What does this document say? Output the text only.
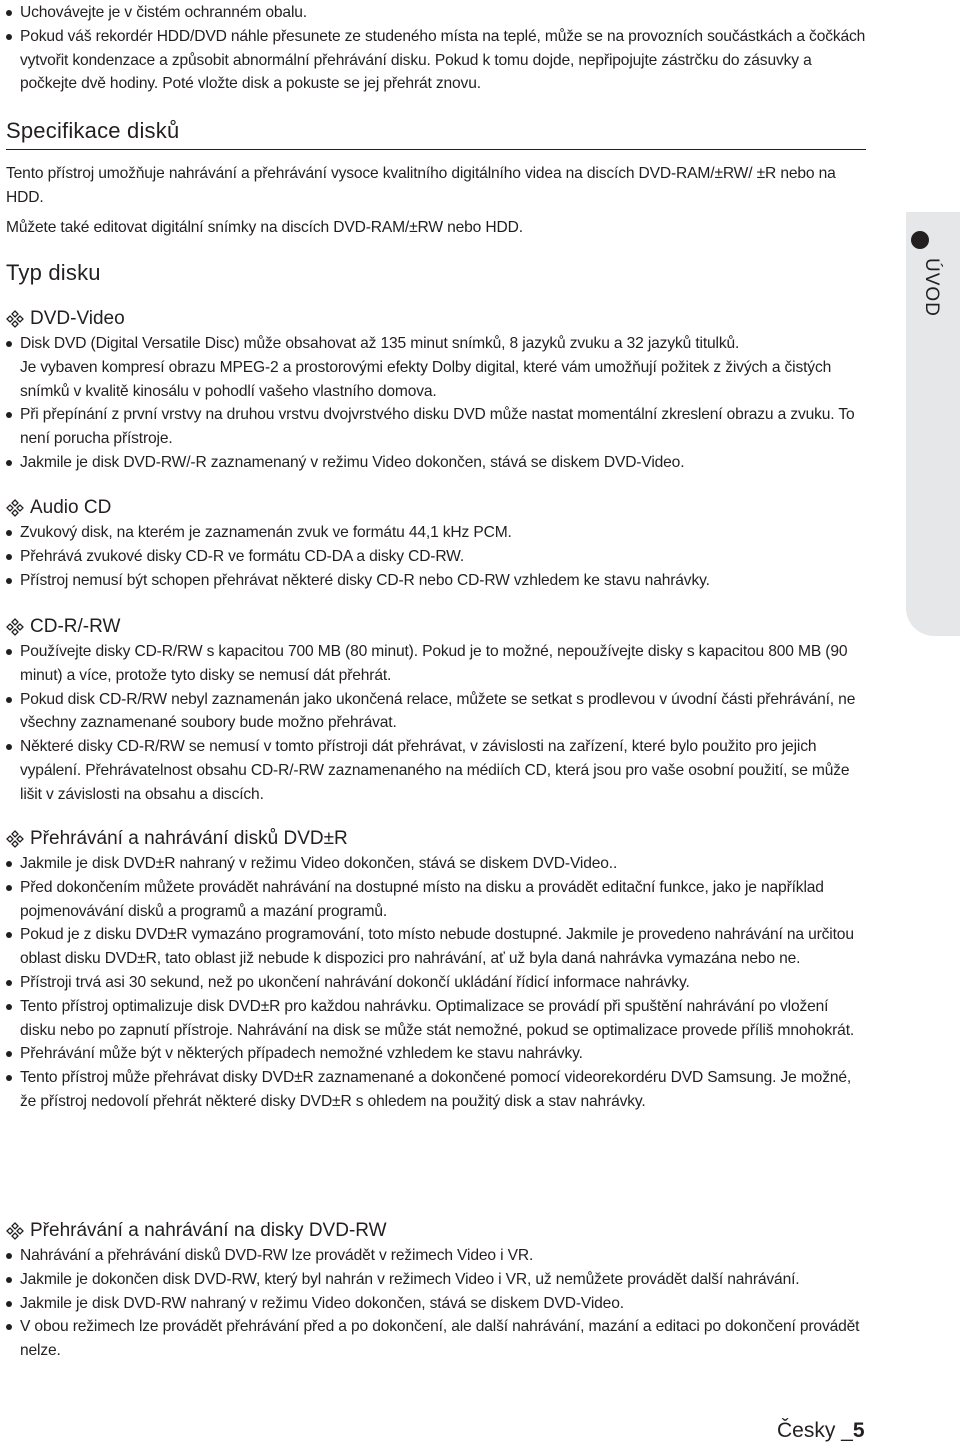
ÚVOD
Uchovávejte je v čistém ochranném obalu.
Pokud váš rekordér HDD/DVD náhle přesunete ze studeného místa na teplé, může se na provozních součástkách a čočkách vytvořit kondenzace a způsobit abnormální přehrávání disku. Pokud k tomu dojde, nepřipojujte zástrčku do zásuvky a počkejte dvě hodiny. Poté vložte disk a pokuste se jej přehrát znovu.
Specifikace disků

Tento přístroj umožňuje nahrávání a přehrávání vysoce kvalitního digitálního videa na discích DVD-RAM/±RW/ ±R nebo na HDD.

Můžete také editovat digitální snímky na discích DVD-RAM/±RW nebo HDD.

Typ disku
DVD-Video
Disk DVD (Digital Versatile Disc) může obsahovat až 135 minut snímků, 8 jazyků zvuku a 32 jazyků titulků.

Je vybaven kompresí obrazu MPEG-2 a prostorovými efekty Dolby digital, které vám umožňují požitek z živých a čistých snímků v kvalitě kinosálu v pohodlí vašeho vlastního domova.

Při přepínání z první vrstvy na druhou vrstvu dvojvrstvého disku DVD může nastat momentální zkreslení obrazu a zvuku. To není porucha přístroje.
Jakmile je disk DVD-RW/-R zaznamenaný v režimu Video dokončen, stává se diskem DVD-Video.
Audio CD
Zvukový disk, na kterém je zaznamenán zvuk ve formátu 44,1 kHz PCM.
Přehrává zvukové disky CD-R ve formátu CD-DA a disky CD-RW.
Přístroj nemusí být schopen přehrávat některé disky CD-R nebo CD-RW vzhledem ke stavu nahrávky.
CD-R/-RW
Používejte disky CD-R/RW s kapacitou 700 MB (80 minut). Pokud je to možné, nepoužívejte disky s kapacitou 800 MB (90 minut) a více, protože tyto disky se nemusí dát přehrát.
Pokud disk CD-R/RW nebyl zaznamenán jako ukončená relace, můžete se setkat s prodlevou v úvodní části přehrávání, ne všechny zaznamenané soubory bude možno přehrávat.
Některé disky CD-R/RW se nemusí v tomto přístroji dát přehrávat, v závislosti na zařízení, které bylo použito pro jejich vypálení. Přehrávatelnost obsahu CD-R/-RW zaznamenaného na médiích CD, která jsou pro vaše osobní použití, se může lišit v závislosti na obsahu a discích.
Přehrávání a nahrávání disků DVD±R
Jakmile je disk DVD±R nahraný v režimu Video dokončen, stává se diskem DVD-Video..
Před dokončením můžete provádět nahrávání na dostupné místo na disku a provádět editační funkce, jako je například pojmenovávání disků a programů a mazání programů.
Pokud je z disku DVD±R vymazáno programování, toto místo nebude dostupné. Jakmile je provedeno nahrávání na určitou oblast disku DVD±R, tato oblast již nebude k dispozici pro nahrávání, ať už byla daná nahrávka vymazána nebo ne.
Přístroji trvá asi 30 sekund, než po ukončení nahrávání dokončí ukládání řídicí informace nahrávky.
Tento přístroj optimalizuje disk DVD±R pro každou nahrávku. Optimalizace se provádí při spuštění nahrávání po vložení disku nebo po zapnutí přístroje. Nahrávání na disk se může stát nemožné, pokud se optimalizace provede příliš mnohokrát.
Přehrávání může být v některých případech nemožné vzhledem ke stavu nahrávky.
Tento přístroj může přehrávat disky DVD±R zaznamenané a dokončené pomocí videorekordéru DVD Samsung. Je možné, že přístroj nedovolí přehrát některé disky DVD±R s ohledem na použitý disk a stav nahrávky.
Přehrávání a nahrávání na disky DVD-RW
Nahrávání a přehrávání disků DVD-RW lze provádět v režimech Video i VR.
Jakmile je dokončen disk DVD-RW, který byl nahrán v režimech Video i VR, už nemůžete provádět další nahrávání.
Jakmile je disk DVD-RW nahraný v režimu Video dokončen, stává se diskem DVD-Video.
V obou režimech lze provádět přehrávání před a po dokončení, ale další nahrávání, mazání a editaci po dokončení provádět nelze.
Česky _5
